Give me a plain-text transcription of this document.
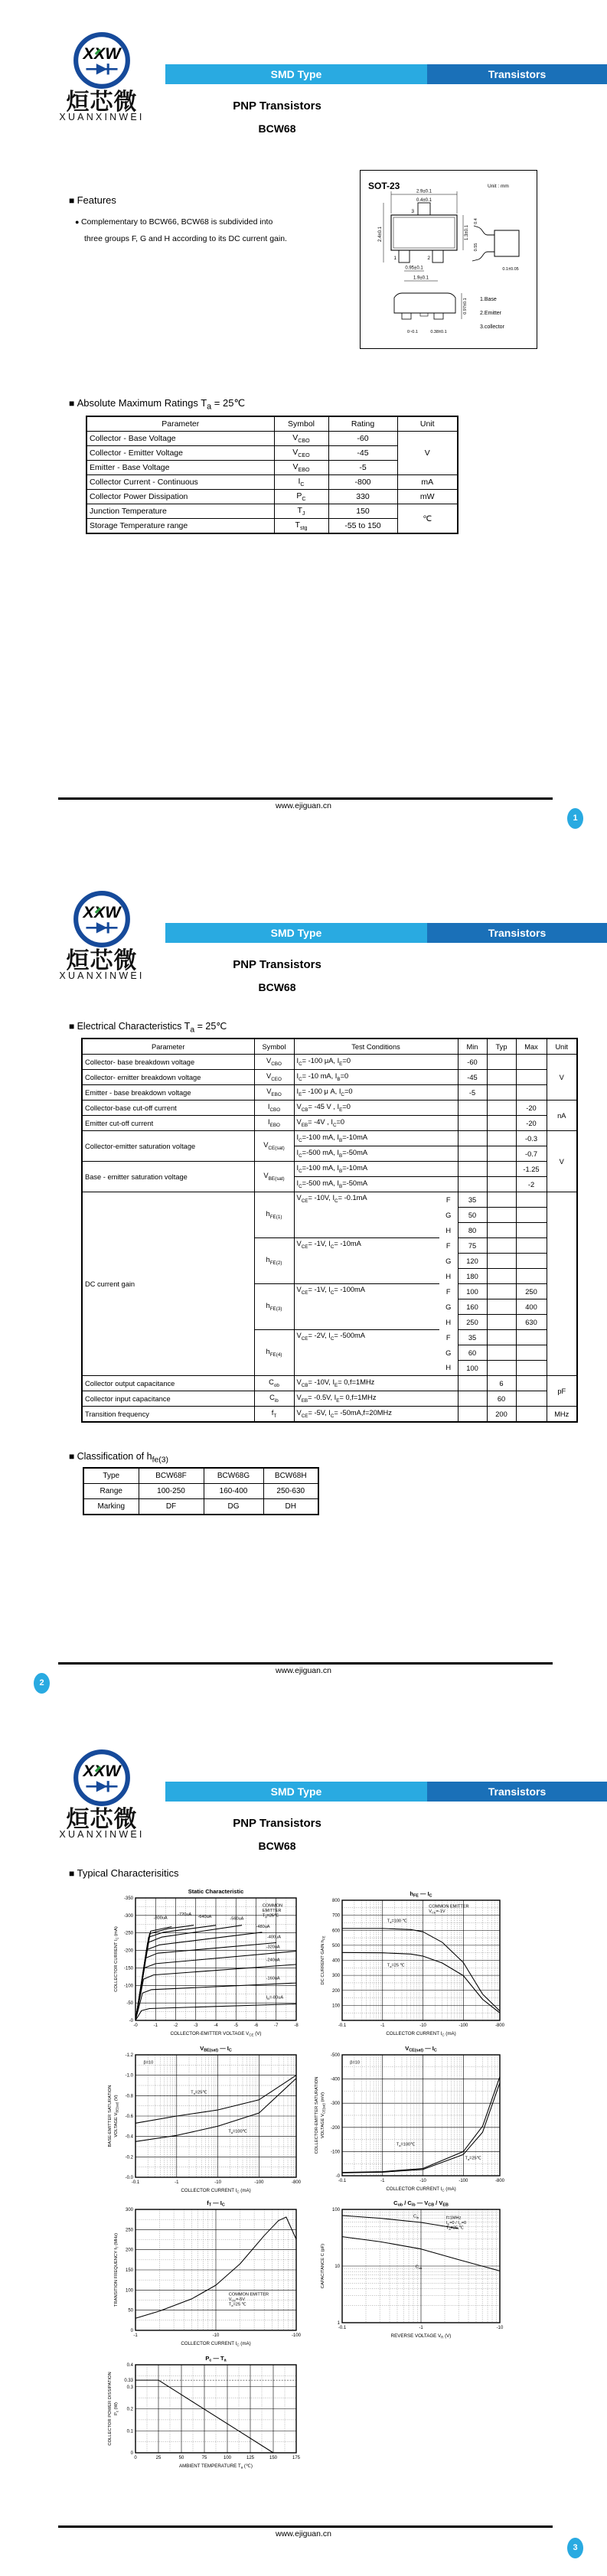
XXW
烜芯微
XUANXINWEI
SMD Type	Transistors
PNP Transistors
BCW68
■ Features
● Complementary to BCW66, BCW68 is subdivided into
three groups F, G and H according to its DC current gain.
SOT-23	Unit : mm
3
1	2
2.9±0.1
0.4±0.1
2.4±0.1	1.3±0.1
0.95±0.1
1.9±0.1
0.4
0.55
0.1±0.05
0.97±0.1
0~0.1	0.38±0.1
1.Base
2.Emitter
3.collector
■ Absolute Maximum Ratings $T_a$ = 25℃
Parameter	Symbol	Rating	Unit
Collector - Base Voltage	$V_{CBO}$	-60	V
Collector - Emitter Voltage	$V_{CEO}$	-45	
Emitter - Base Voltage	$V_{EBO}$	-5	
Collector Current - Continuous	$I_C$	-800	mA
Collector Power Dissipation	$P_C$	330	mW
Junction Temperature	$T_J$	150	℃
Storage Temperature range	$T_{stg}$	-55 to 150	
www.ejiguan.cn
1
XXW
烜芯微
XUANXINWEI
SMD Type	Transistors
PNP Transistors
BCW68
■ Electrical Characteristics $T_a$ = 25℃
Parameter	Symbol	Test Conditions		Min	Typ	Max	Unit
Collector- base breakdown voltage	$V_{CBO}$	$I_C= -100$ μA, $I_E=0$		-60			V
Collector- emitter breakdown voltage	$V_{CEO}$	$I_C= -10$ mA, $I_B=0$		-45			
Emitter - base breakdown voltage	$V_{EBO}$	$I_E= -100$ μ A, $I_C=0$		-5			
Collector-base cut-off current	$I_{CBO}$	$V_{CB}= -45$ V , $I_E=0$				-20	nA
Emitter cut-off current	$I_{EBO}$	$V_{EB}= -4V$ , $I_C=0$				-20	
Collector-emitter saturation voltage	$V_{CE(sat)}$	$I_C=-100$ mA, $I_B=-10mA$				-0.3	V
		$I_C=-500$ mA, $I_B=-50mA$				-0.7	
Base - emitter saturation voltage	$V_{BE(sat)}$	$I_C=-100$ mA, $I_B=-10mA$				-1.25	
		$I_C=-500$ mA, $I_B=-50mA$				-2	
DC current gain	$h_{FE(1)}$	$V_{CE}= -10V$, $I_C= -0.1mA$	F	35			
			G	50			
			H	80			
	$h_{FE(2)}$	$V_{CE}= -1V$, $I_C= -10mA$	F	75			
			G	120			
			H	180			
	$h_{FE(3)}$	$V_{CE}= -1V$, $I_C= -100mA$	F	100		250	
			G	160		400	
			H	250		630	
	$h_{FE(4)}$	$V_{CE}= -2V$, $I_C= -500mA$	F	35			
			G	60			
			H	100			
Collector output capacitance	$C_{ob}$	$V_{CB}= -10V$, $I_E= 0,f=1MHz$			6		pF
Collector input capacitance	$C_{ib}$	$V_{EB}= -0.5V$, $I_E= 0,f=1MHz$			60		
Transition frequency	$f_T$	$V_{CE}= -5V$, $I_C= -50mA,f=20MHz$			200		MHz
■ Classification of $h_{fe(3)}$
Type	BCW68F	BCW68G	BCW68H
Range	100-250	160-400	250-630
Marking	DF	DG	DH
www.ejiguan.cn
2
XXW
烜芯微
XUANXINWEI
SMD Type	Transistors
PNP Transistors
BCW68
■ Typical Characterisitics
www.ejiguan.cn
3
-0	-1	-2	-3	-4	-5	-6	-7	-8
-0
-50
-100
-150
-200
-250
-300
-350
$I_B=-80uA$
-160uA
-240uA
-320uA
-400uA
-480uA
-560uA
-640uA
-720uA
-800uA
COMMON
EMITTER
$T_a=25℃$
Static Characteristic
COLLECTOR-EMITTER VOLTAGE $V_{CE}$ (V)
COLLECTOR CURRENT $I_C$ (mA)
-0.1	-1	-10	-100	-800
100
200
300
400
500
600
700
800
$T_a=100$ ℃
$T_a=25$ ℃
COMMON EMITTER
$V_{CE}=-1V$
$h_{FE}$ — $I_C$
COLLECTOR CURRENT $I_C$ (mA)
DC CURRENT GAIN $h_{FE}$
-0.1	-1	-10	-100	-800
-0
-100
-200
-300
-400
-500
$T_a=100℃$
$T_a=25℃$
β=10
$V_{CE(sat)}$ — $I_C$
COLLECTOR CURRENT $I_C$ (mA)
COLLECTOR-EMITTER SATURATION VOLTAGE $V_{CE(sat)}$ (mV)
-0.1	-1	-10	-100	-800
-0.0
-0.2
-0.4
-0.6
-0.8
-1.0
-1.2
$T_a=25℃$
$T_a=100℃$
β=10
$V_{BE(sat)}$ — $I_C$
COLLECTOR CURRENT $I_C$ (mA)
BASE-EMITTER SATURATION VOLTAGE $V_{BE(sat)}$ (V)
-1	-10	-100
0
50
100
150
200
250
300
COMMON EMITTER
$V_{CE}=-5V$
$T_a=25$ ℃
$f_T$ — $I_C$
COLLECTOR CURRENT $I_C$ (mA)
TRANSITION FREQUENCY $f_T$ (MHz)
-0.1	-1	-10
1
10
100
$C_{ib}$
$C_{ob}$
f=1MHz
$I_E=0 / I_C=0$
$T_a=25$ ℃
$C_{ob} / C_{ib}$ — $V_{CB} / V_{EB}$
REVERSE VOLTAGE $V_R$ (V)
CAPACITANCE C (pF)
0	25	50	75	100	125	150	175
0
0.1
0.2
0.3
0.4
0.33
$P_c$ — $T_a$
AMBIENT TEMPERATURE $T_a$ (℃)
COLLECTOR POWER DISSIPATION $P_c$ (W)
